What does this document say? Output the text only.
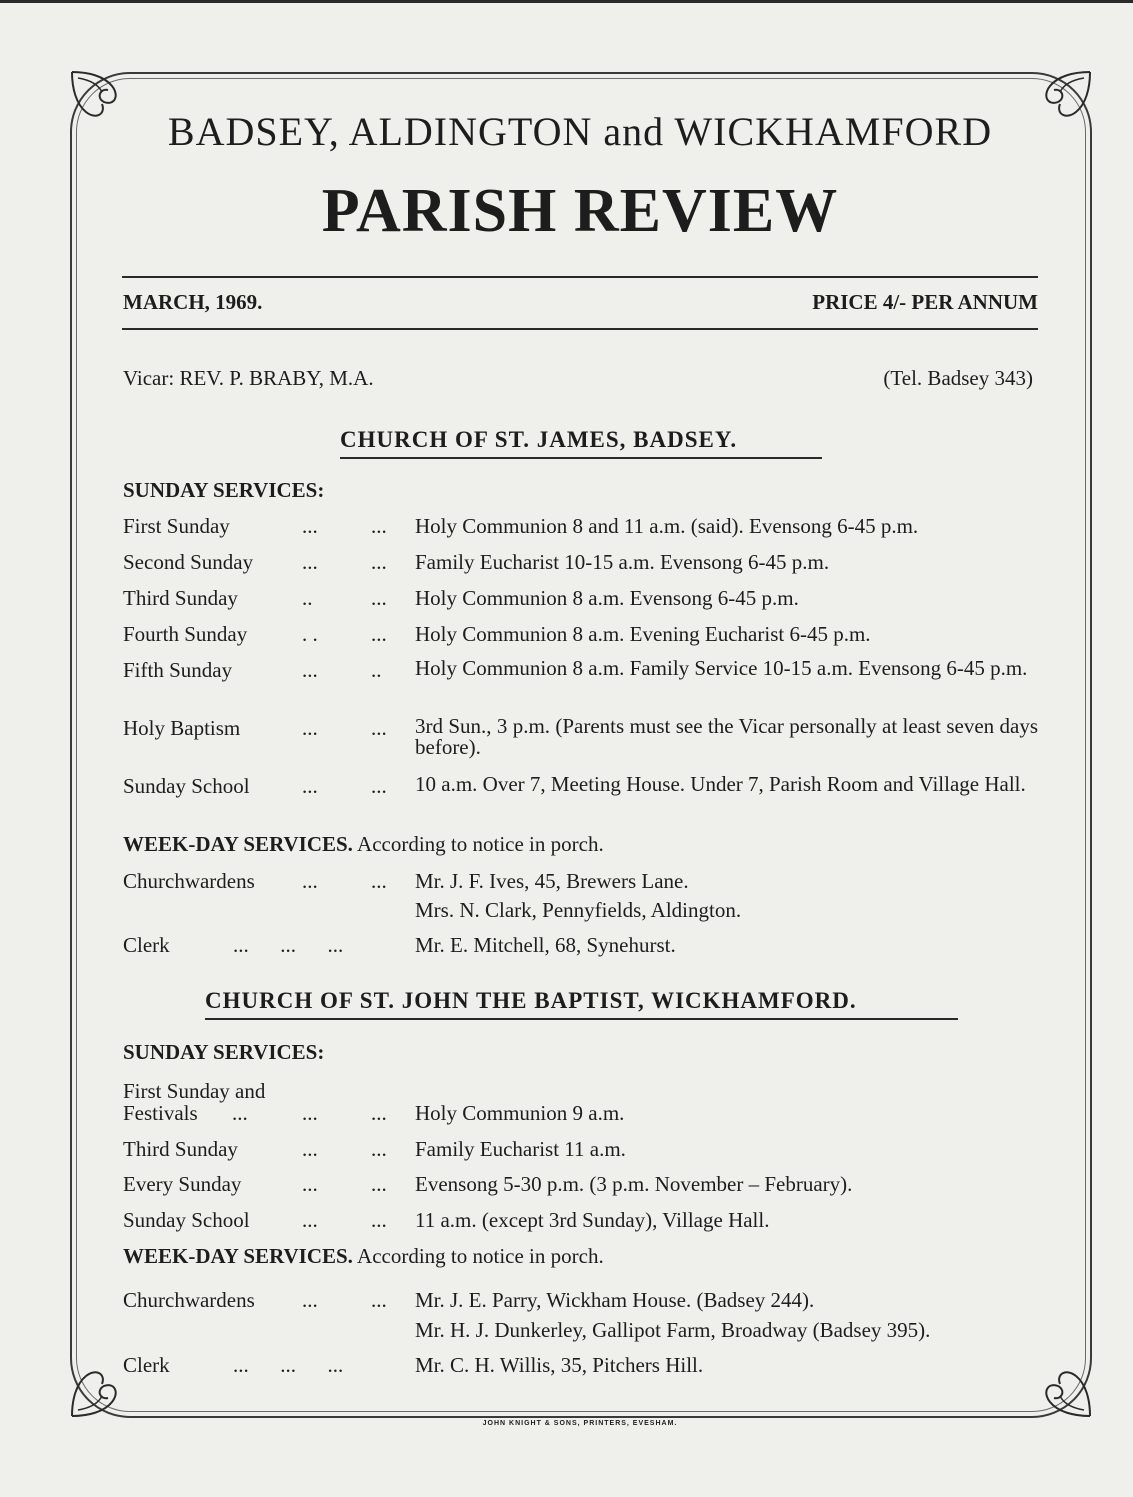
BADSEY, ALDINGTON and WICKHAMFORD
PARISH REVIEW
MARCH, 1969.	PRICE 4/- PER ANNUM
Vicar: REV. P. BRABY, M.A.	(Tel. Badsey 343)
CHURCH OF ST. JAMES, BADSEY.
SUNDAY SERVICES:
First Sunday	...	... Holy Communion 8 and 11 a.m. (said). Evensong 6-45 p.m.
Second Sunday ...	... Family Eucharist 10-15 a.m. Evensong 6-45 p.m.
Third Sunday	..	... Holy Communion 8 a.m. Evensong 6-45 p.m.
Fourth Sunday	. .	... Holy Communion 8 a.m. Evening Eucharist 6-45 p.m.
Fifth Sunday	...	.. Holy Communion 8 a.m. Family Service 10-15 a.m. Evensong 6-45 p.m.
Holy Baptism	...	... 3rd Sun., 3 p.m. (Parents must see the Vicar personally at least seven days before).
Sunday School ...	... 10 a.m. Over 7, Meeting House. Under 7, Parish Room and Village Hall.
WEEK-DAY SERVICES. According to notice in porch.
Churchwardens ...	... Mr. J. F. Ives, 45, Brewers Lane.
Mrs. N. Clark, Pennyfields, Aldington.
Clerk	...      ...      ...	Mr. E. Mitchell, 68, Synehurst.
CHURCH OF ST. JOHN THE BAPTIST, WICKHAMFORD.
SUNDAY SERVICES:
First Sunday and
Festivals ...	...	... Holy Communion 9 a.m.
Third Sunday	...	... Family Eucharist 11 a.m.
Every Sunday	...	... Evensong 5-30 p.m. (3 p.m. November – February).
Sunday School ...	... 11 a.m. (except 3rd Sunday), Village Hall.
WEEK-DAY SERVICES. According to notice in porch.
Churchwardens ...	... Mr. J. E. Parry, Wickham House. (Badsey 244).
Mr. H. J. Dunkerley, Gallipot Farm, Broadway (Badsey 395).
Clerk	...      ...      ...	Mr. C. H. Willis, 35, Pitchers Hill.
JOHN KNIGHT & SONS, PRINTERS, EVESHAM.
